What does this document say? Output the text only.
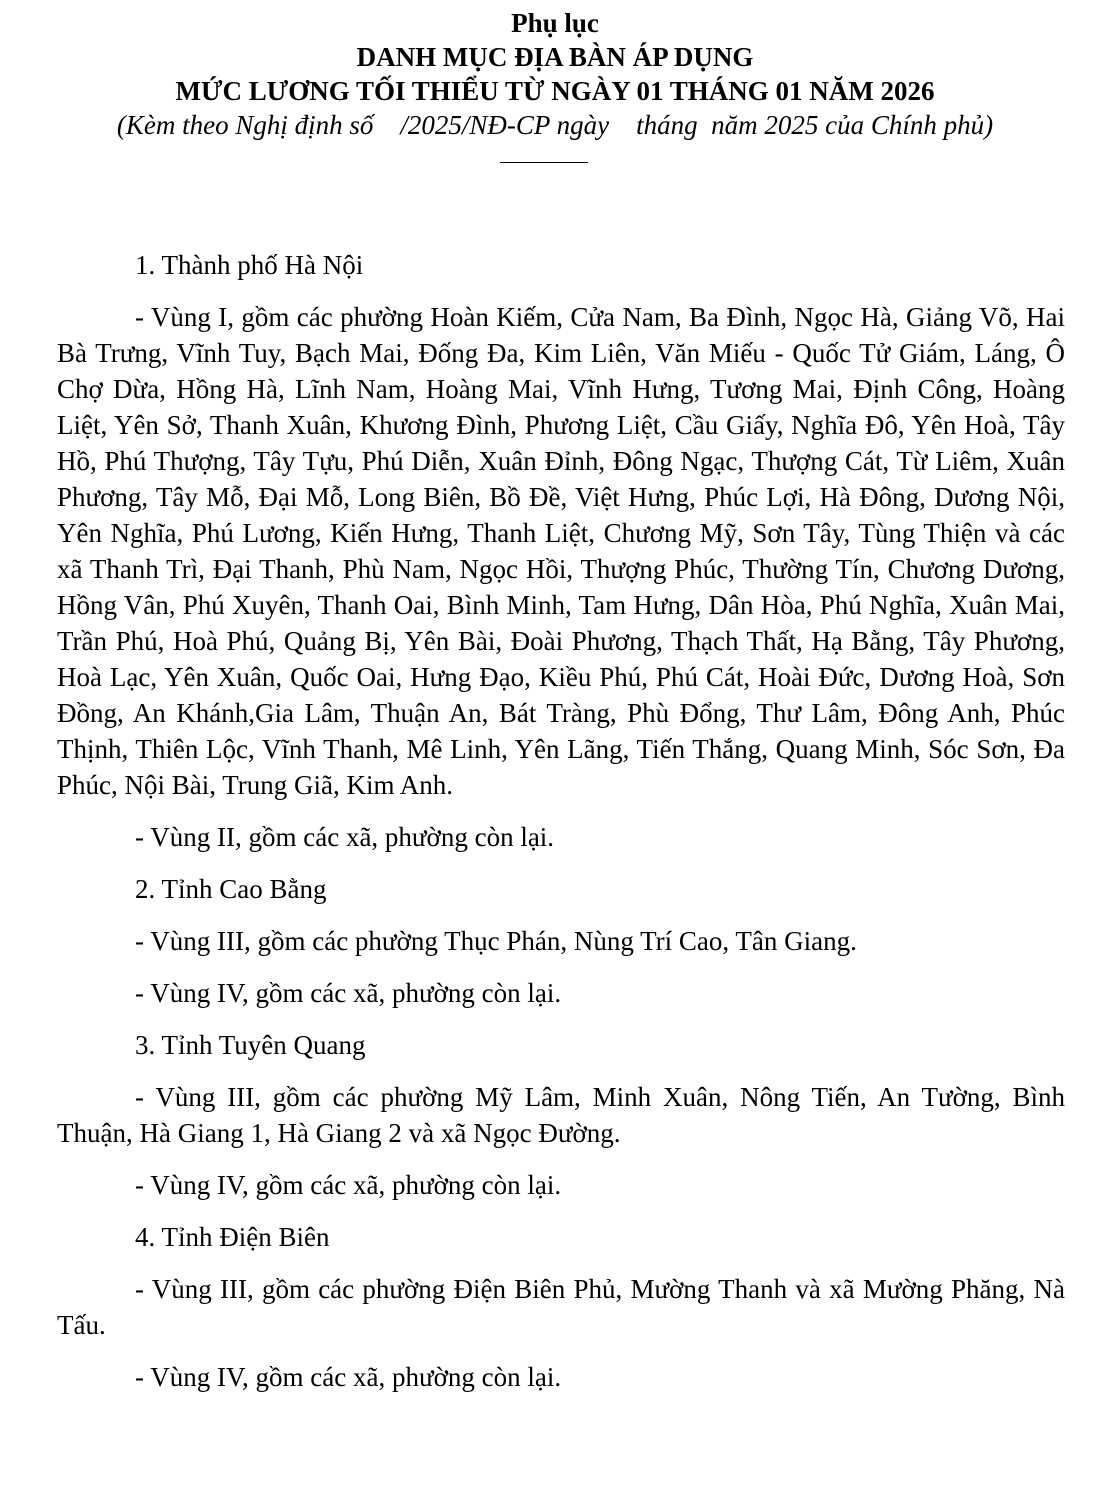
Phụ lục

DANH MỤC ĐỊA BÀN ÁP DỤNG

MỨC LƯƠNG TỐI THIỂU TỪ NGÀY 01 THÁNG 01 NĂM 2026

(Kèm theo Nghị định số    /2025/NĐ-CP ngày    tháng  năm 2025 của Chính phủ)

1. Thành phố Hà Nội

- Vùng I, gồm các phường Hoàn Kiếm, Cửa Nam, Ba Đình, Ngọc Hà, Giảng Võ, Hai Bà Trưng, Vĩnh Tuy, Bạch Mai, Đống Đa, Kim Liên, Văn Miếu - Quốc Tử Giám, Láng, Ô Chợ Dừa, Hồng Hà, Lĩnh Nam, Hoàng Mai, Vĩnh Hưng, Tương Mai, Định Công, Hoàng Liệt, Yên Sở, Thanh Xuân, Khương Đình, Phương Liệt, Cầu Giấy, Nghĩa Đô, Yên Hoà, Tây Hồ, Phú Thượng, Tây Tựu, Phú Diễn, Xuân Đỉnh, Đông Ngạc, Thượng Cát, Từ Liêm, Xuân Phương, Tây Mỗ, Đại Mỗ, Long Biên, Bồ Đề, Việt Hưng, Phúc Lợi, Hà Đông, Dương Nội, Yên Nghĩa, Phú Lương, Kiến Hưng, Thanh Liệt, Chương Mỹ, Sơn Tây, Tùng Thiện và các xã Thanh Trì, Đại Thanh, Phù Nam, Ngọc Hồi, Thượng Phúc, Thường Tín, Chương Dương, Hồng Vân, Phú Xuyên, Thanh Oai, Bình Minh, Tam Hưng, Dân Hòa, Phú Nghĩa, Xuân Mai, Trần Phú, Hoà Phú, Quảng Bị, Yên Bài, Đoài Phương, Thạch Thất, Hạ Bằng, Tây Phương, Hoà Lạc, Yên Xuân, Quốc Oai, Hưng Đạo, Kiều Phú, Phú Cát, Hoài Đức, Dương Hoà, Sơn Đồng, An Khánh,Gia Lâm, Thuận An, Bát Tràng, Phù Đổng, Thư Lâm, Đông Anh, Phúc Thịnh, Thiên Lộc, Vĩnh Thanh, Mê Linh, Yên Lãng, Tiến Thắng, Quang Minh, Sóc Sơn, Đa Phúc, Nội Bài, Trung Giã, Kim Anh.

- Vùng II, gồm các xã, phường còn lại.

2. Tỉnh Cao Bằng

- Vùng III, gồm các phường Thục Phán, Nùng Trí Cao, Tân Giang.

- Vùng IV, gồm các xã, phường còn lại.

3. Tỉnh Tuyên Quang

- Vùng III, gồm các phường Mỹ Lâm, Minh Xuân, Nông Tiến, An Tường, Bình Thuận, Hà Giang 1, Hà Giang 2 và xã Ngọc Đường.

- Vùng IV, gồm các xã, phường còn lại.

4. Tỉnh Điện Biên

- Vùng III, gồm các phường Điện Biên Phủ, Mường Thanh và xã Mường Phăng, Nà Tấu.

- Vùng IV, gồm các xã, phường còn lại.
